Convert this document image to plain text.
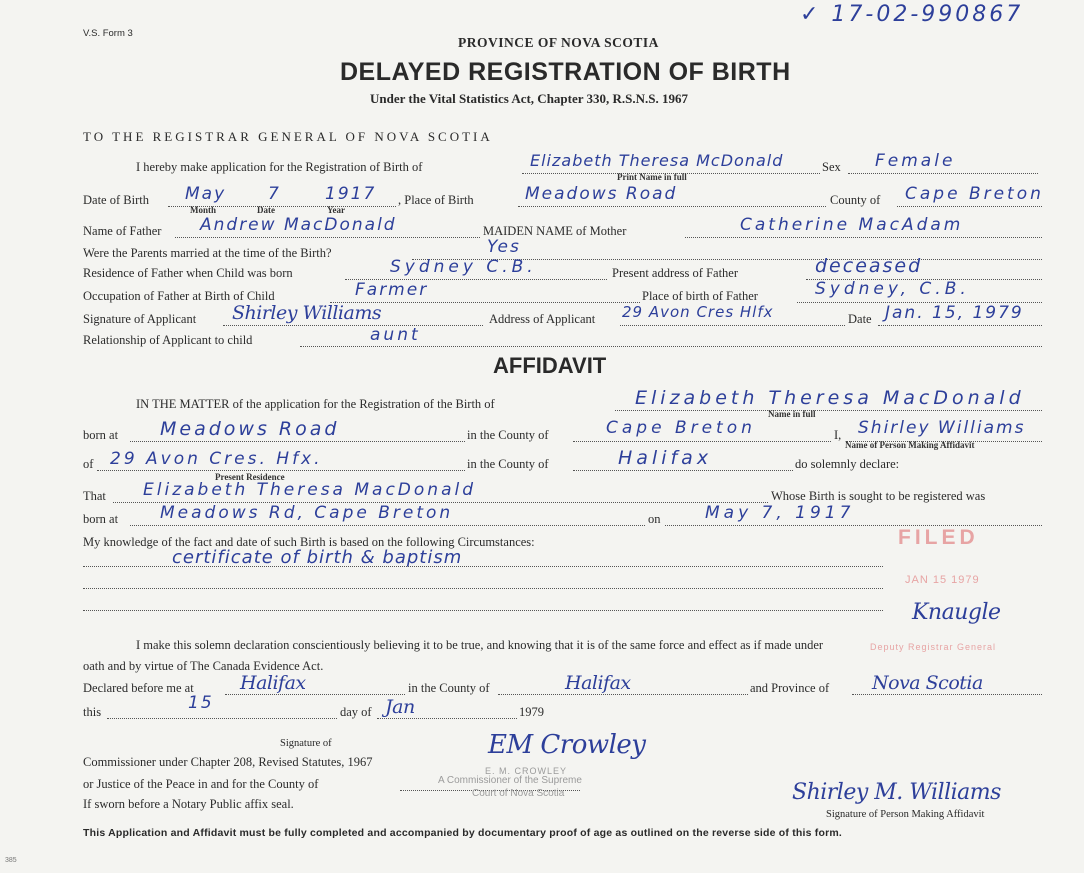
V.S. Form 3
✓ 17-02-990867
PROVINCE OF NOVA SCOTIA
DELAYED REGISTRATION OF BIRTH
Under the Vital Statistics Act, Chapter 330, R.S.N.S. 1967
TO THE REGISTRAR GENERAL OF NOVA SCOTIA
I hereby make application for the Registration of Birth of	Elizabeth Theresa McDonald
Print Name in full
Sex Female
Date of Birth May 7	1917
Month	Date	Year
, Place of Birth	Meadows Road	County of Cape Breton
Name of Father Andrew MacDonald	MAIDEN NAME of Mother	Catherine MacAdam
Were the Parents married at the time of the Birth?	Yes
Residence of Father when Child was born	Sydney C.B.	Present address of Father	deceased
Occupation of Father at Birth of Child	Farmer	Place of birth of Father	Sydney, C.B.
Signature of Applicant Shirley Williams	Address of Applicant 29 Avon Cres Hlfx	Date Jan. 15, 1979
Relationship of Applicant to child	aunt
AFFIDAVIT
IN THE MATTER of the application for the Registration of the Birth of	Elizabeth Theresa MacDonald
Name in full
born at Meadows Road	in the County of	Cape Breton	I, Shirley Williams
Name of Person Making Affidavit
of 29 Avon Cres. Hfx.
Present Residence
in the County of	Halifax	do solemnly declare:
That Elizabeth Theresa MacDonald	Whose Birth is sought to be registered was
born at Meadows Rd, Cape Breton	on	May 7, 1917
My knowledge of the fact and date of such Birth is based on the following Circumstances:
certificate of birth & baptism
FILED
JAN 15 1979
Knaugle
Deputy Registrar General
I make this solemn declaration conscientiously believing it to be true, and knowing that it is of the same force and effect as if made under
oath and by virtue of The Canada Evidence Act.
Declared before me at Halifax	in the County of	Halifax	and Province of Nova Scotia
this	15	day of Jan	1979
Signature of
Commissioner under Chapter 208, Revised Statutes, 1967
or Justice of the Peace in and for the County of
If sworn before a Notary Public affix seal.
EM Crowley
E. M. CROWLEY
A Commissioner of the Supreme
Court of Nova Scotia	Shirley M. Williams
Signature of Person Making Affidavit
This Application and Affidavit must be fully completed and accompanied by documentary proof of age as outlined on the reverse side of this form.
385
